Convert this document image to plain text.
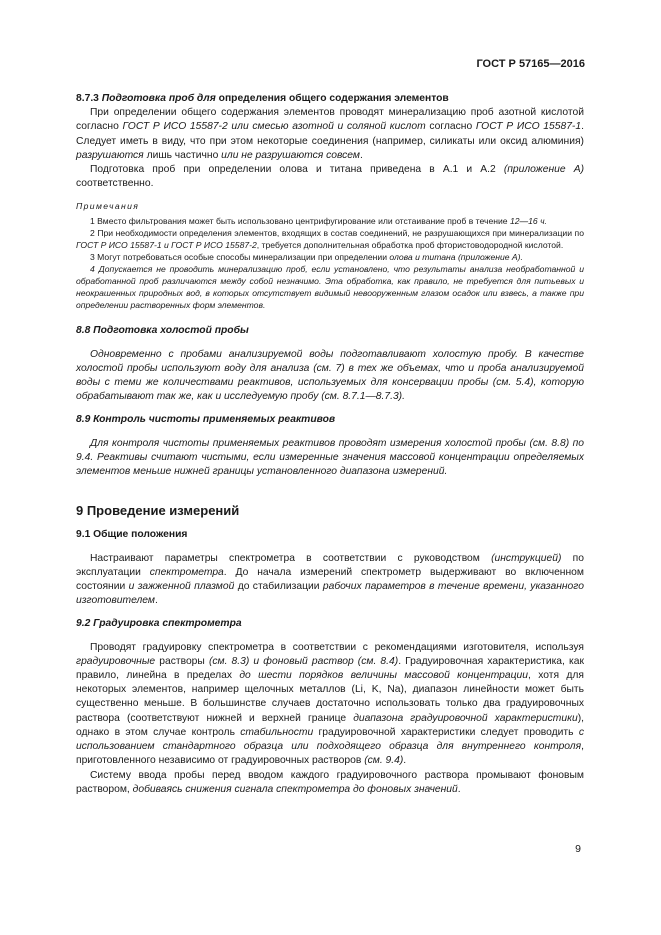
ГОСТ Р 57165—2016

8.7.3 Подготовка проб для определения общего содержания элементов

При определении общего содержания элементов проводят минерализацию проб азотной кислотой согласно ГОСТ Р ИСО 15587-2 или смесью азотной и соляной кислот согласно ГОСТ Р ИСО 15587-1. Следует иметь в виду, что при этом некоторые соединения (например, силикаты или оксид алюминия) разрушаются лишь частично или не разрушаются совсем.

Подготовка проб при определении олова и титана приведена в А.1 и А.2 (приложение А) соответственно.

Примечания

1 Вместо фильтрования может быть использовано центрифугирование или отстаивание проб в течение 12—16 ч.

2 При необходимости определения элементов, входящих в состав соединений, не разрушающихся при минерализации по ГОСТ Р ИСО 15587-1 и ГОСТ Р ИСО 15587-2, требуется дополнительная обработка проб фтористоводородной кислотой.

3 Могут потребоваться особые способы минерализации при определении олова и титана (приложение А).

4 Допускается не проводить минерализацию проб, если установлено, что результаты анализа необработанной и обработанной проб различаются между собой незначимо. Эта обработка, как правило, не требуется для питьевых и неокрашенных природных вод, в которых отсутствует видимый невооруженным глазом осадок или взвесь, а также при определении растворенных форм элементов.

8.8 Подготовка холостой пробы

Одновременно с пробами анализируемой воды подготавливают холостую пробу. В качестве холостой пробы используют воду для анализа (см. 7) в тех же объемах, что и проба анализируемой воды с теми же количествами реактивов, используемых для консервации пробы (см. 5.4), которую обрабатывают так же, как и исследуемую пробу (см. 8.7.1—8.7.3).

8.9 Контроль чистоты применяемых реактивов

Для контроля чистоты применяемых реактивов проводят измерения холостой пробы (см. 8.8) по 9.4. Реактивы считают чистыми, если измеренные значения массовой концентрации определяемых элементов меньше нижней границы установленного диапазона измерений.

9 Проведение измерений

9.1 Общие положения

Настраивают параметры спектрометра в соответствии с руководством (инструкцией) по эксплуатации спектрометра. До начала измерений спектрометр выдерживают во включенном состоянии и зажженной плазмой до стабилизации рабочих параметров в течение времени, указанного изготовителем.

9.2 Градуировка спектрометра

Проводят градуировку спектрометра в соответствии с рекомендациями изготовителя, используя градуировочные растворы (см. 8.3) и фоновый раствор (см. 8.4). Градуировочная характеристика, как правило, линейна в пределах до шести порядков величины массовой концентрации, хотя для некоторых элементов, например щелочных металлов (Li, K, Na), диапазон линейности может быть существенно меньше. В большинстве случаев достаточно использовать только два градуировочных раствора (соответствуют нижней и верхней границе диапазона градуировочной характеристики), однако в этом случае контроль стабильности градуировочной характеристики следует проводить с использованием стандартного образца или подходящего образца для внутреннего контроля, приготовленного независимо от градуировочных растворов (см. 9.4).

Систему ввода пробы перед вводом каждого градуировочного раствора промывают фоновым раствором, добиваясь снижения сигнала спектрометра до фоновых значений.

9
